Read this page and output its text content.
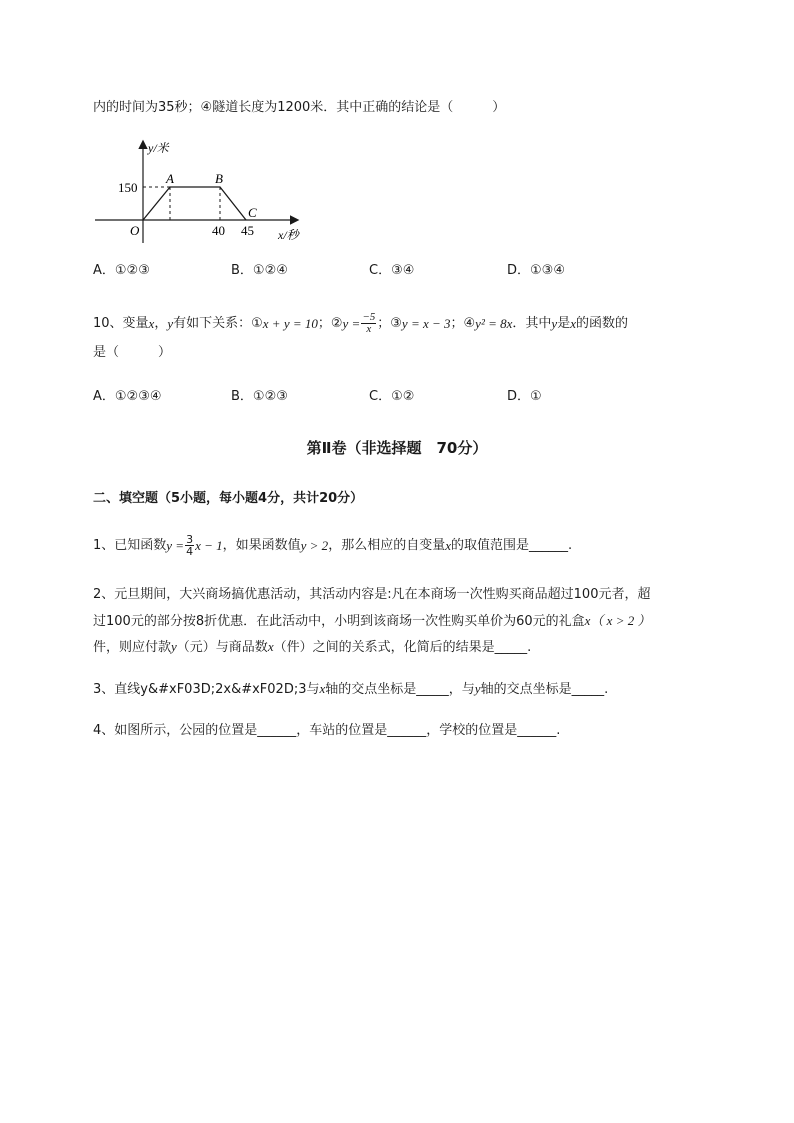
内的时间为35秒；④隧道长度为1200米．其中正确的结论是（　　　）
y/米
150
A	B
C
O	40 45 x/秒
A．①②③	B．①②④	C．③④	D．①③④
10、变量 x ， y 有如下关系：① x + y = 10 ；② $y = \frac{-5}{x}$ ；③ y = x − 3 ；④ y² = 8x ．其中 y 是 x 的函数的
是（　　　）
A．①②③④	B．①②③	C．①②	D．①
第Ⅱ卷（非选择题　70分）
二、填空题（5小题，每小题4分，共计20分）
1、已知函数 $y = \frac{3}{4}$ x − 1 ，如果函数值 y > 2 ，那么相应的自变量 x 的取值范围是______.
2、元旦期间，大兴商场搞优惠活动，其活动内容是:凡在本商场一次性购买商品超过100元者，超
过100元的部分按8折优惠．在此活动中，小明到该商场一次性购买单价为60元的礼盒x（ x > 2 ）
件，则应付款y（元）与商品数x（件）之间的关系式，化简后的结果是_____.
3、直线y&#xF03D;2x&#xF02D;3与x轴的交点坐标是_____，与y轴的交点坐标是_____.
4、如图所示，公园的位置是______，车站的位置是______，学校的位置是______.
